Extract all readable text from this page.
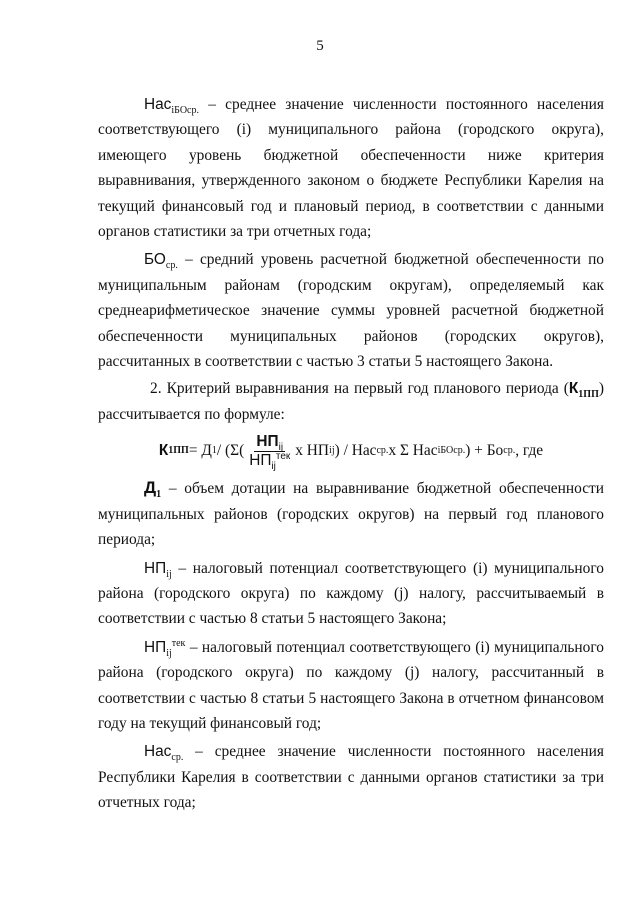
5

Нас$_{iБОср.}$ – среднее значение численности постоянного населения соответствующего (i) муниципального района (городского округа), имеющего уровень бюджетной обеспеченности ниже критерия выравнивания, утвержденного законом о бюджете Республики Карелия на текущий финансовый год и плановый период, в соответствии с данными органов статистики за три отчетных года;

$БО_{ср.}$ – средний уровень расчетной бюджетной обеспеченности по муниципальным районам (городским округам), определяемый как среднеарифметическое значение суммы уровней расчетной бюджетной обеспеченности муниципальных районов (городских округов), рассчитанных в соответствии с частью 3 статьи 5 настоящего Закона.

2. Критерий выравнивания на первый год планового периода $(К_{1ПП})$ рассчитывается по формуле:

К 1ПП = Д $1 / (\Sigma( \frac{НП_{ij}}{НП_{ij}^{тек}}$ х НП ij ) / Нас ср. х Σ Нас iБОср. ) + Бо ср. , где

$Д_1$ – объем дотации на выравнивание бюджетной обеспеченности муниципальных районов (городских округов) на первый год планового периода;

$НП_{ij}$ – налоговый потенциал соответствующего (i) муниципального района (городского округа) по каждому (j) налогу, рассчитываемый в соответствии с частью 8 статьи 5 настоящего Закона;

$НП_{ij}^{тек}$ – налоговый потенциал соответствующего (i) муниципального района (городского округа) по каждому (j) налогу, рассчитанный в соответствии с частью 8 статьи 5 настоящего Закона в отчетном финансовом году на текущий финансовый год;

Нас$_{ср.}$ – среднее значение численности постоянного населения Республики Карелия в соответствии с данными органов статистики за три отчетных года;
